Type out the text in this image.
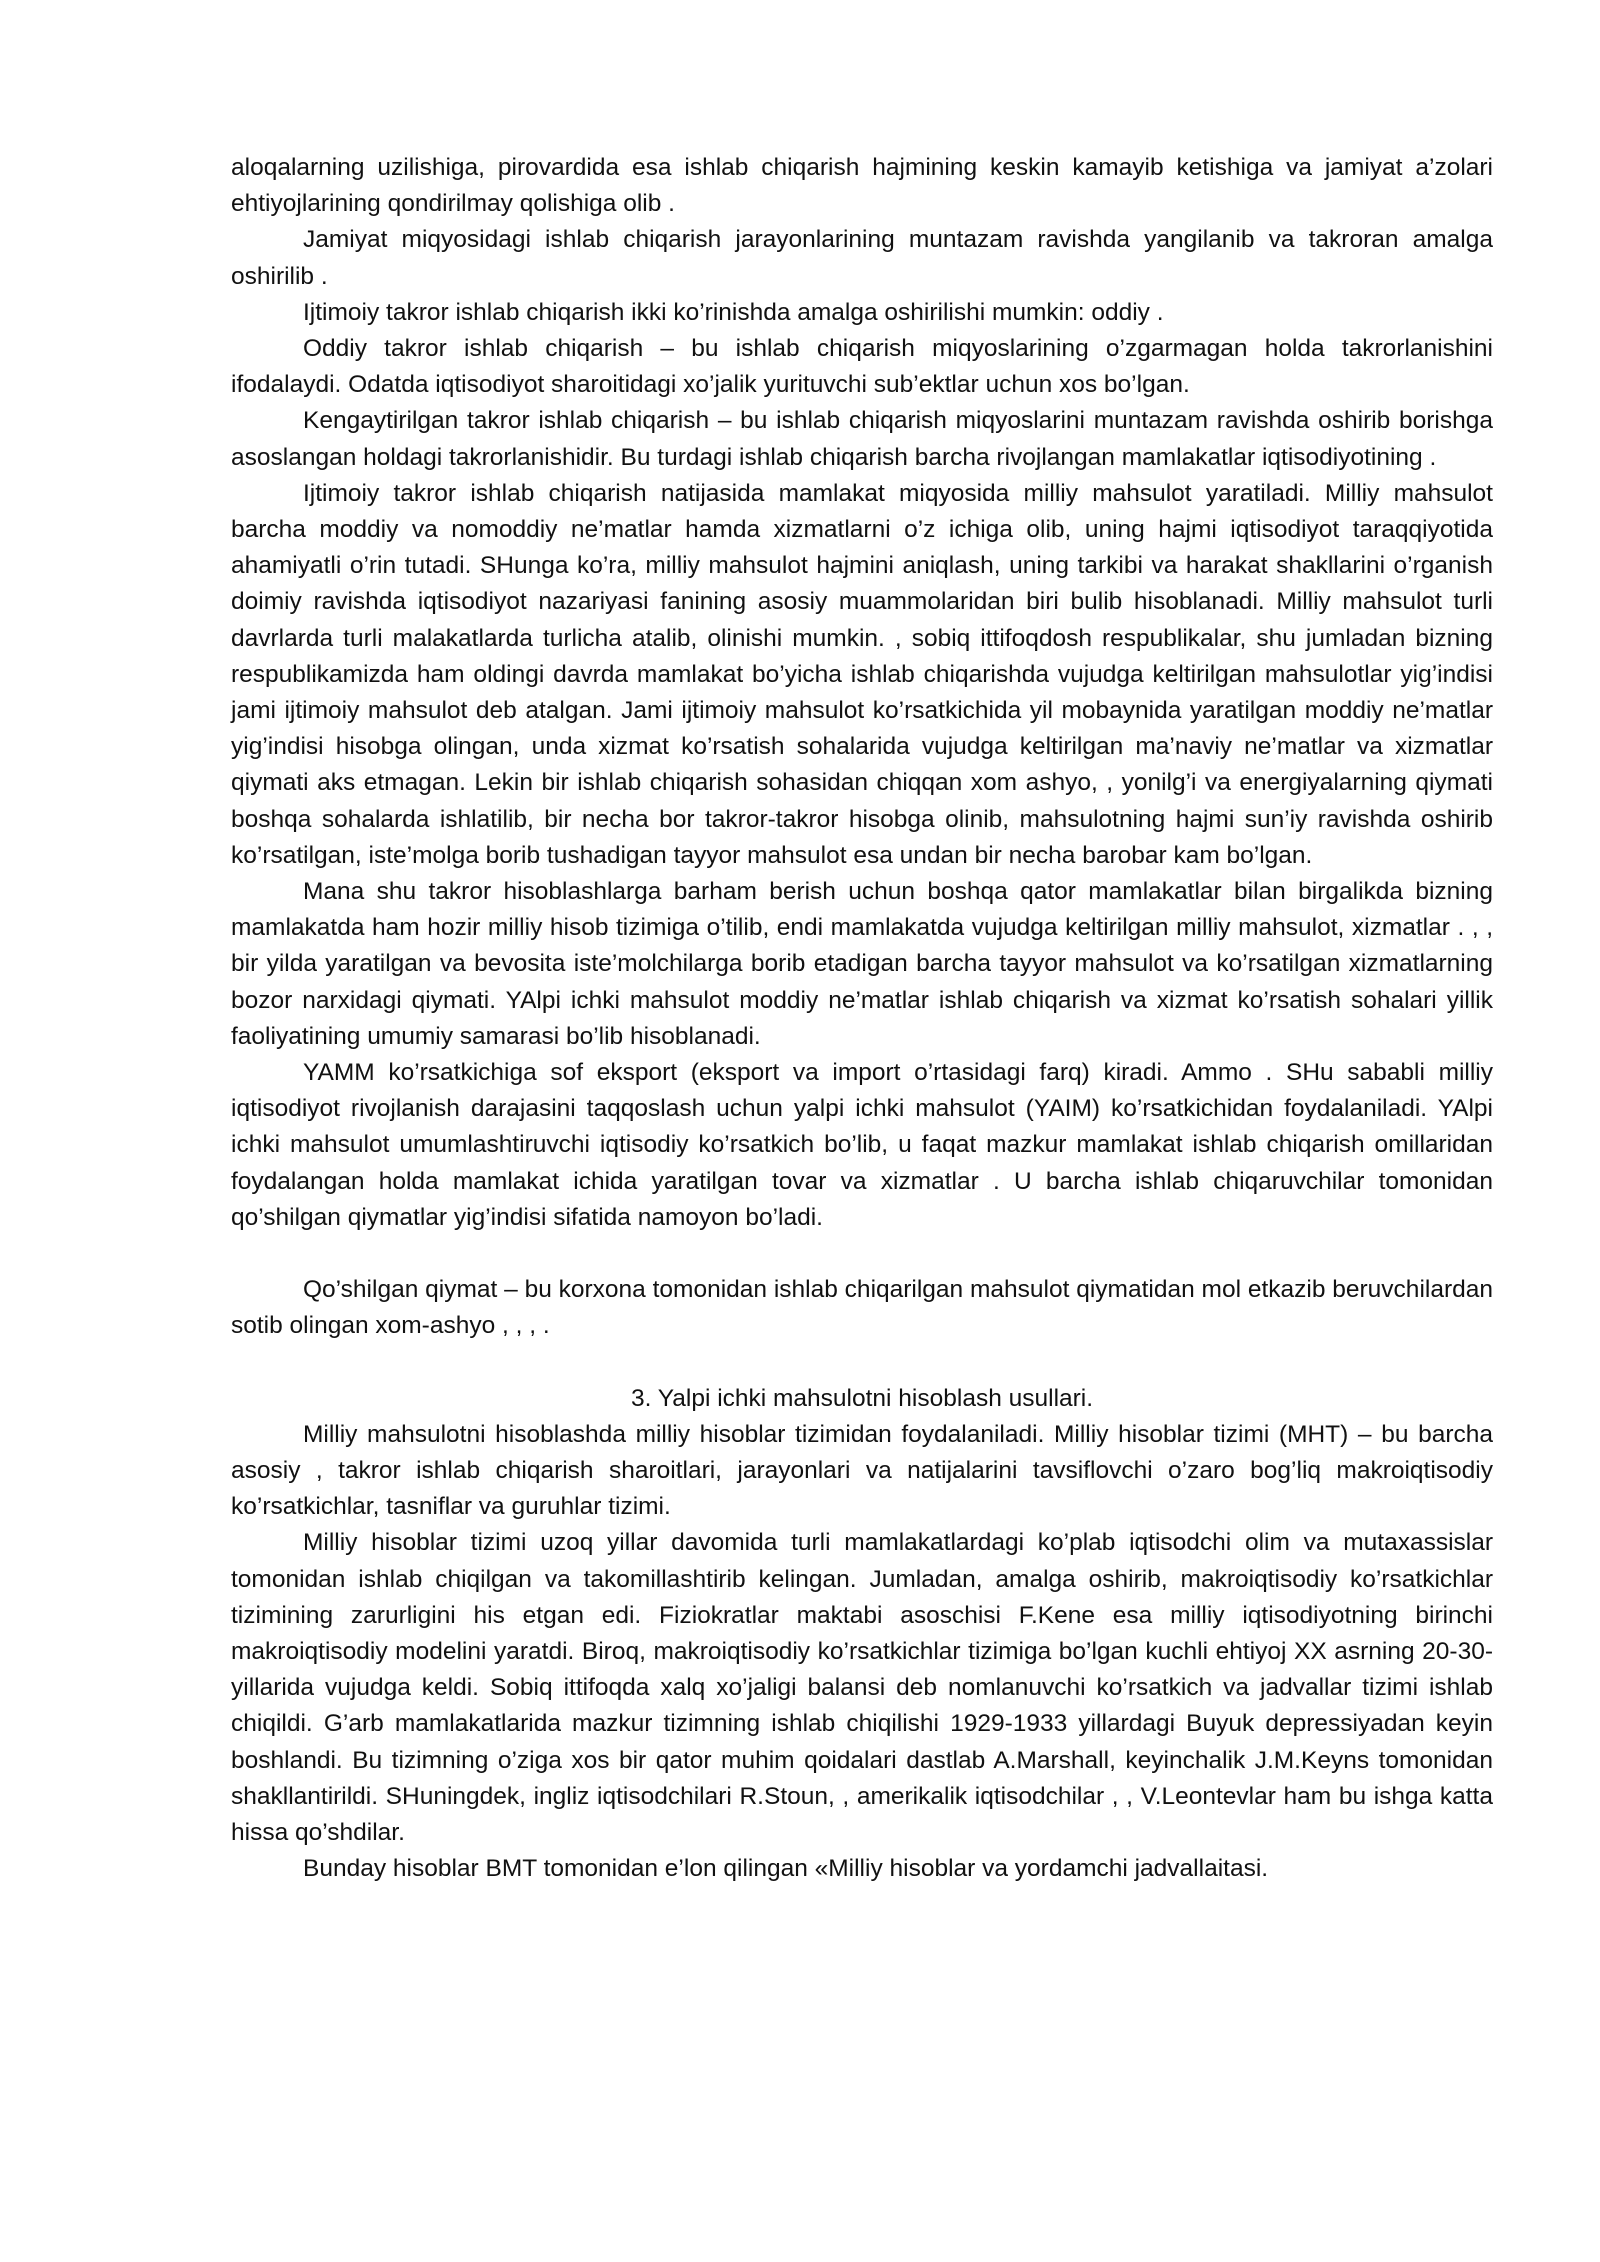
aloqalarning uzilishiga, pirovardida esa ishlab chiqarish hajmining keskin kamayib ketishiga va jamiyat a’zolari ehtiyojlarining qondirilmay qolishiga olib .

Jamiyat miqyosidagi ishlab chiqarish jarayonlarining muntazam ravishda yangilanib va takroran amalga oshirilib .

Ijtimoiy takror ishlab chiqarish ikki ko’rinishda amalga oshirilishi mumkin: oddiy .

Oddiy takror ishlab chiqarish – bu ishlab chiqarish miqyoslarining o’zgarmagan holda takrorlanishini ifodalaydi. Odatda iqtisodiyot sharoitidagi xo’jalik yurituvchi sub’ektlar uchun xos bo’lgan.

Kengaytirilgan takror ishlab chiqarish – bu ishlab chiqarish miqyoslarini muntazam ravishda oshirib borishga asoslangan holdagi takrorlanishidir. Bu turdagi ishlab chiqarish barcha rivojlangan mamlakatlar iqtisodiyotining .

Ijtimoiy takror ishlab chiqarish natijasida mamlakat miqyosida milliy mahsulot yaratiladi. Milliy mahsulot barcha moddiy va nomoddiy ne’matlar hamda xizmatlarni o’z ichiga olib, uning hajmi iqtisodiyot taraqqiyotida ahamiyatli o’rin tutadi. SHunga ko’ra, milliy mahsulot hajmini aniqlash, uning tarkibi va harakat shakllarini o’rganish doimiy ravishda iqtisodiyot nazariyasi fanining asosiy muammolaridan biri bulib hisoblanadi. Milliy mahsulot turli davrlarda turli malakatlarda turlicha atalib, olinishi mumkin. , sobiq ittifoqdosh respublikalar, shu jumladan bizning respublikamizda ham oldingi davrda mamlakat bo’yicha ishlab chiqarishda vujudga keltirilgan mahsulotlar yig’indisi jami ijtimoiy mahsulot deb atalgan. Jami ijtimoiy mahsulot ko’rsatkichida yil mobaynida yaratilgan moddiy ne’matlar yig’indisi hisobga olingan, unda xizmat ko’rsatish sohalarida vujudga keltirilgan ma’naviy ne’matlar va xizmatlar qiymati aks etmagan. Lekin bir ishlab chiqarish sohasidan chiqqan xom ashyo, , yonilg’i va energiyalarning qiymati boshqa sohalarda ishlatilib, bir necha bor takror-takror hisobga olinib, mahsulotning hajmi sun’iy ravishda oshirib ko’rsatilgan, iste’molga borib tushadigan tayyor mahsulot esa undan bir necha barobar kam bo’lgan.

Mana shu takror hisoblashlarga barham berish uchun boshqa qator mamlakatlar bilan birgalikda bizning mamlakatda ham hozir milliy hisob tizimiga o’tilib, endi mamlakatda vujudga keltirilgan milliy mahsulot, xizmatlar . , , bir yilda yaratilgan va bevosita iste’molchilarga borib etadigan barcha tayyor mahsulot va ko’rsatilgan xizmatlarning bozor narxidagi qiymati. YAlpi ichki mahsulot moddiy ne’matlar ishlab chiqarish va xizmat ko’rsatish sohalari yillik faoliyatining umumiy samarasi bo’lib hisoblanadi.

YAMM ko’rsatkichiga sof eksport (eksport va import o’rtasidagi farq) kiradi. Ammo . SHu sababli milliy iqtisodiyot rivojlanish darajasini taqqoslash uchun yalpi ichki mahsulot (YAIM) ko’rsatkichidan foydalaniladi. YAlpi ichki mahsulot umumlashtiruvchi iqtisodiy ko’rsatkich bo’lib, u faqat mazkur mamlakat ishlab chiqarish omillaridan foydalangan holda mamlakat ichida yaratilgan tovar va xizmatlar . U barcha ishlab chiqaruvchilar tomonidan qo’shilgan qiymatlar yig’indisi sifatida namoyon bo’ladi.

Qo’shilgan qiymat – bu korxona tomonidan ishlab chiqarilgan mahsulot qiymatidan mol etkazib beruvchilardan sotib olingan xom-ashyo , , , .

3. Yalpi ichki mahsulotni hisoblash usullari.

Milliy mahsulotni hisoblashda milliy hisoblar tizimidan foydalaniladi. Milliy hisoblar tizimi (MHT) – bu barcha asosiy , takror ishlab chiqarish sharoitlari, jarayonlari va natijalarini tavsiflovchi o’zaro bog’liq makroiqtisodiy ko’rsatkichlar, tasniflar va guruhlar tizimi.

Milliy hisoblar tizimi uzoq yillar davomida turli mamlakatlardagi ko’plab iqtisodchi olim va mutaxassislar tomonidan ishlab chiqilgan va takomillashtirib kelingan. Jumladan, amalga oshirib, makroiqtisodiy ko’rsatkichlar tizimining zarurligini his etgan edi. Fiziokratlar maktabi asoschisi F.Kene esa milliy iqtisodiyotning birinchi makroiqtisodiy modelini yaratdi. Biroq, makroiqtisodiy ko’rsatkichlar tizimiga bo’lgan kuchli ehtiyoj XX asrning 20-30-yillarida vujudga keldi. Sobiq ittifoqda xalq xo’jaligi balansi deb nomlanuvchi ko’rsatkich va jadvallar tizimi ishlab chiqildi. G’arb mamlakatlarida mazkur tizimning ishlab chiqilishi 1929-1933 yillardagi Buyuk depressiyadan keyin boshlandi. Bu tizimning o’ziga xos bir qator muhim qoidalari dastlab A.Marshall, keyinchalik J.M.Keyns tomonidan shakllantirildi. SHuningdek, ingliz iqtisodchilari R.Stoun, , amerikalik iqtisodchilar , , V.Leontevlar ham bu ishga katta hissa qo’shdilar.

Bunday hisoblar BMT tomonidan e’lon qilingan «Milliy hisoblar va yordamchi jadvallaitasi.
